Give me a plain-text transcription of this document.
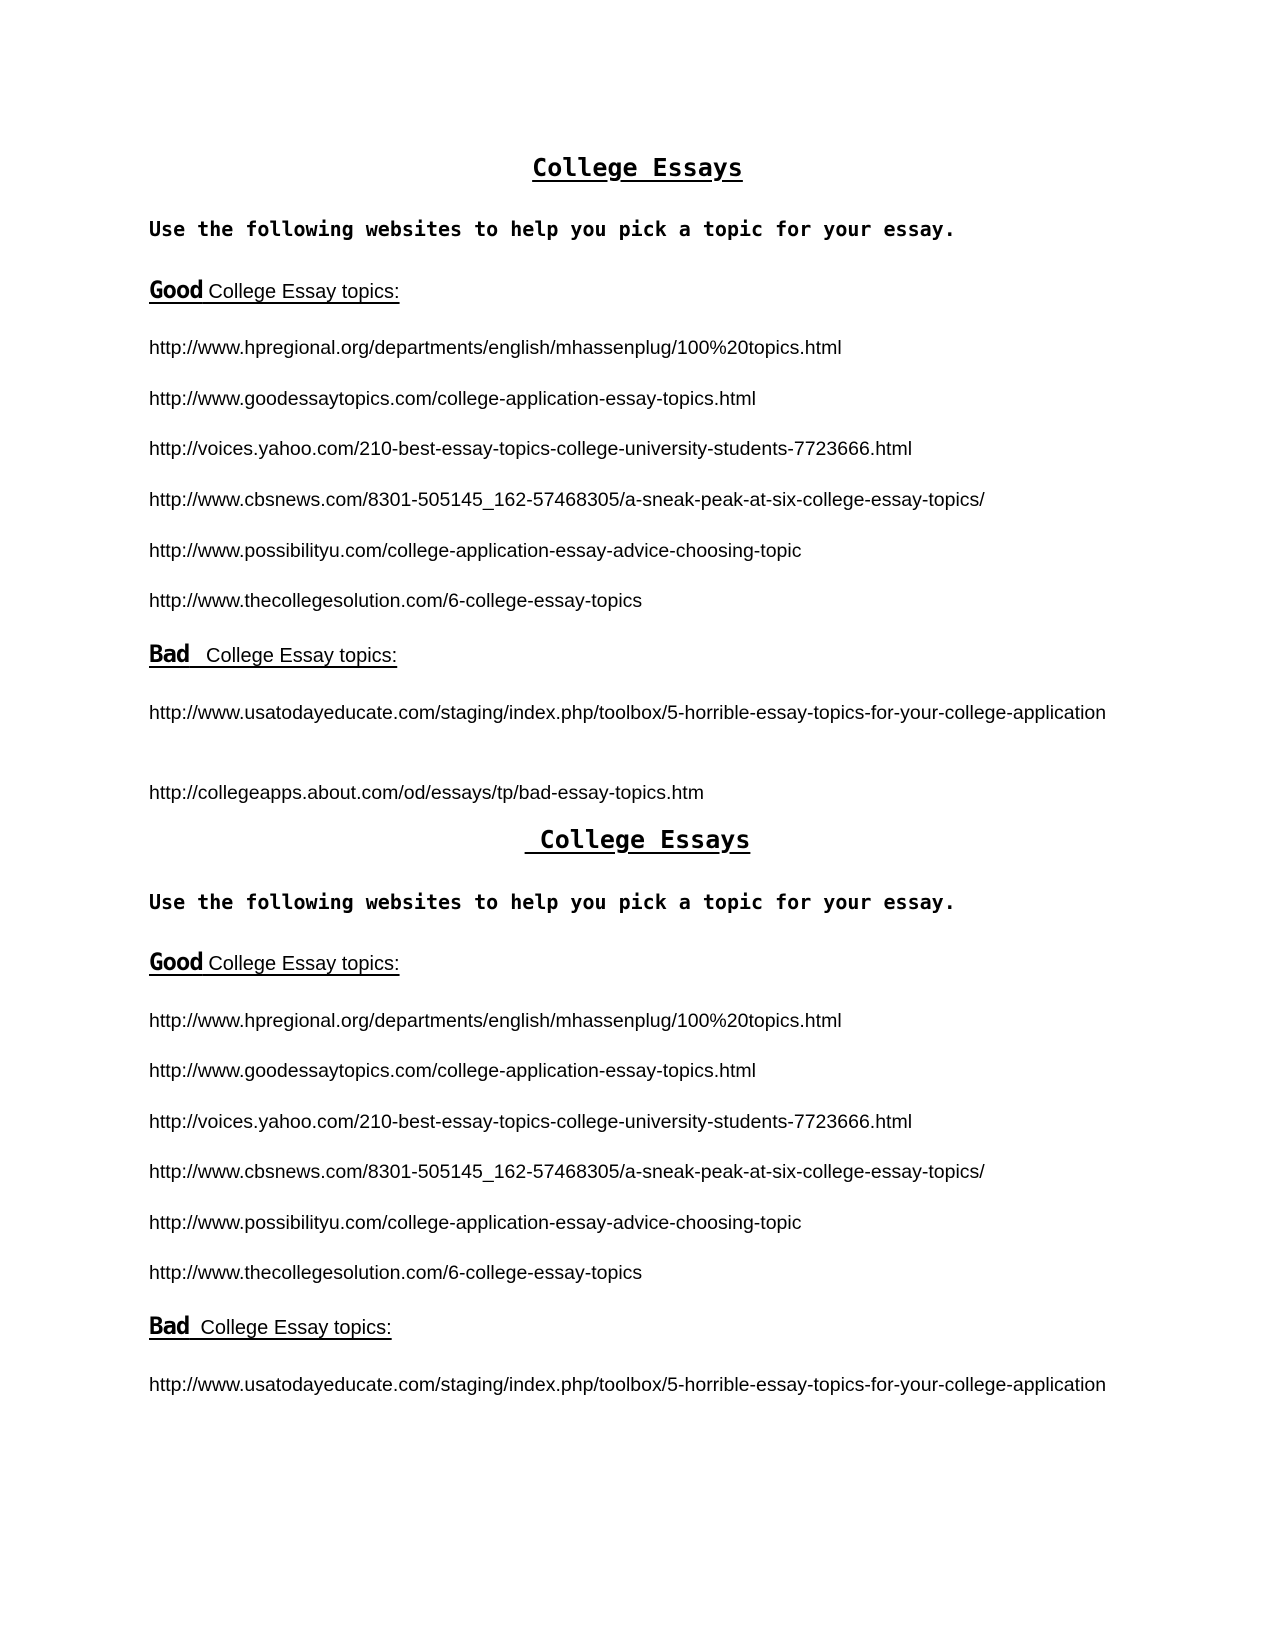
College Essays

Use the following websites to help you pick a topic for your essay.

Good College Essay topics:

http://www.hpregional.org/departments/english/mhassenplug/100%20topics.html
http://www.goodessaytopics.com/college-application-essay-topics.html
http://voices.yahoo.com/210-best-essay-topics-college-university-students-7723666.html
http://www.cbsnews.com/8301-505145_162-57468305/a-sneak-peak-at-six-college-essay-topics/
http://www.possibilityu.com/college-application-essay-advice-choosing-topic
http://www.thecollegesolution.com/6-college-essay-topics

Bad   College Essay topics:

http://www.usatodayeducate.com/staging/index.php/toolbox/5-horrible-essay-topics-for-your-college-application
http://collegeapps.about.com/od/essays/tp/bad-essay-topics.htm
College Essays

Use the following websites to help you pick a topic for your essay.

Good College Essay topics:

http://www.hpregional.org/departments/english/mhassenplug/100%20topics.html
http://www.goodessaytopics.com/college-application-essay-topics.html
http://voices.yahoo.com/210-best-essay-topics-college-university-students-7723666.html
http://www.cbsnews.com/8301-505145_162-57468305/a-sneak-peak-at-six-college-essay-topics/
http://www.possibilityu.com/college-application-essay-advice-choosing-topic
http://www.thecollegesolution.com/6-college-essay-topics

Bad  College Essay topics:

http://www.usatodayeducate.com/staging/index.php/toolbox/5-horrible-essay-topics-for-your-college-application
